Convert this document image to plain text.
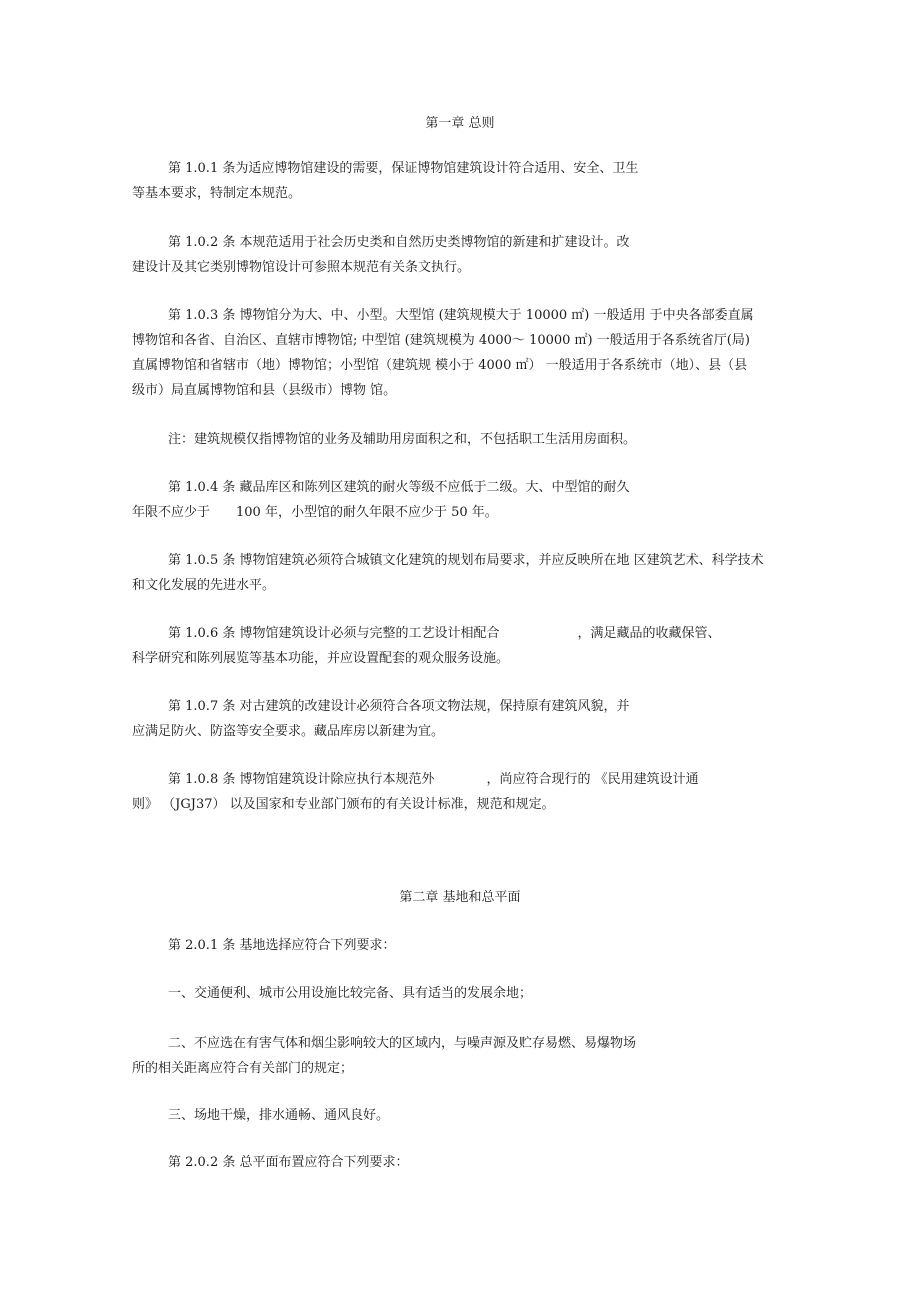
第一章 总则
第 1.0.1 条为适应博物馆建设的需要，保证博物馆建筑设计符合适用、安全、卫生
等基本要求，特制定本规范。
第 1.0.2 条 本规范适用于社会历史类和自然历史类博物馆的新建和扩建设计。改
建设计及其它类别博物馆设计可参照本规范有关条文执行。
第 1.0.3 条 博物馆分为大、中、小型。大型馆 (建筑规模大于 10000 ㎡) 一般适用 于中央各部委直属
博物馆和各省、自治区、直辖市博物馆; 中型馆 (建筑规模为 4000～ 10000 ㎡) 一般适用于各系统省厅(局)
直属博物馆和省辖市（地）博物馆；小型馆（建筑规 模小于 4000 ㎡） 一般适用于各系统市（地）、县（县
级市）局直属博物馆和县（县级市）博物 馆。
注：建筑规模仅指博物馆的业务及辅助用房面积之和，不包括职工生活用房面积。
第 1.0.4 条 藏品库区和陈列区建筑的耐火等级不应低于二级。大、中型馆的耐久
年限不应少于　　100 年，小型馆的耐久年限不应少于 50 年。
第 1.0.5 条 博物馆建筑必须符合城镇文化建筑的规划布局要求，并应反映所在地 区建筑艺术、科学技术
和文化发展的先进水平。
第 1.0.6 条 博物馆建筑设计必须与完整的工艺设计相配合　　　　　　，满足藏品的收藏保管、
科学研究和陈列展览等基本功能，并应设置配套的观众服务设施。
第 1.0.7 条 对古建筑的改建设计必须符合各项文物法规，保持原有建筑风貌，并
应满足防火、防盗等安全要求。藏品库房以新建为宜。
第 1.0.8 条 博物馆建筑设计除应执行本规范外　　　　，尚应符合现行的 《民用建筑设计通
则》 （JGJ37） 以及国家和专业部门颁布的有关设计标准，规范和规定。
第二章 基地和总平面
第 2.0.1 条 基地选择应符合下列要求：
一、交通便利、城市公用设施比较完备、具有适当的发展余地；
二、不应选在有害气体和烟尘影响较大的区域内，与噪声源及贮存易燃、易爆物场
所的相关距离应符合有关部门的规定；
三、场地干燥，排水通畅、通风良好。
第 2.0.2 条 总平面布置应符合下列要求：
